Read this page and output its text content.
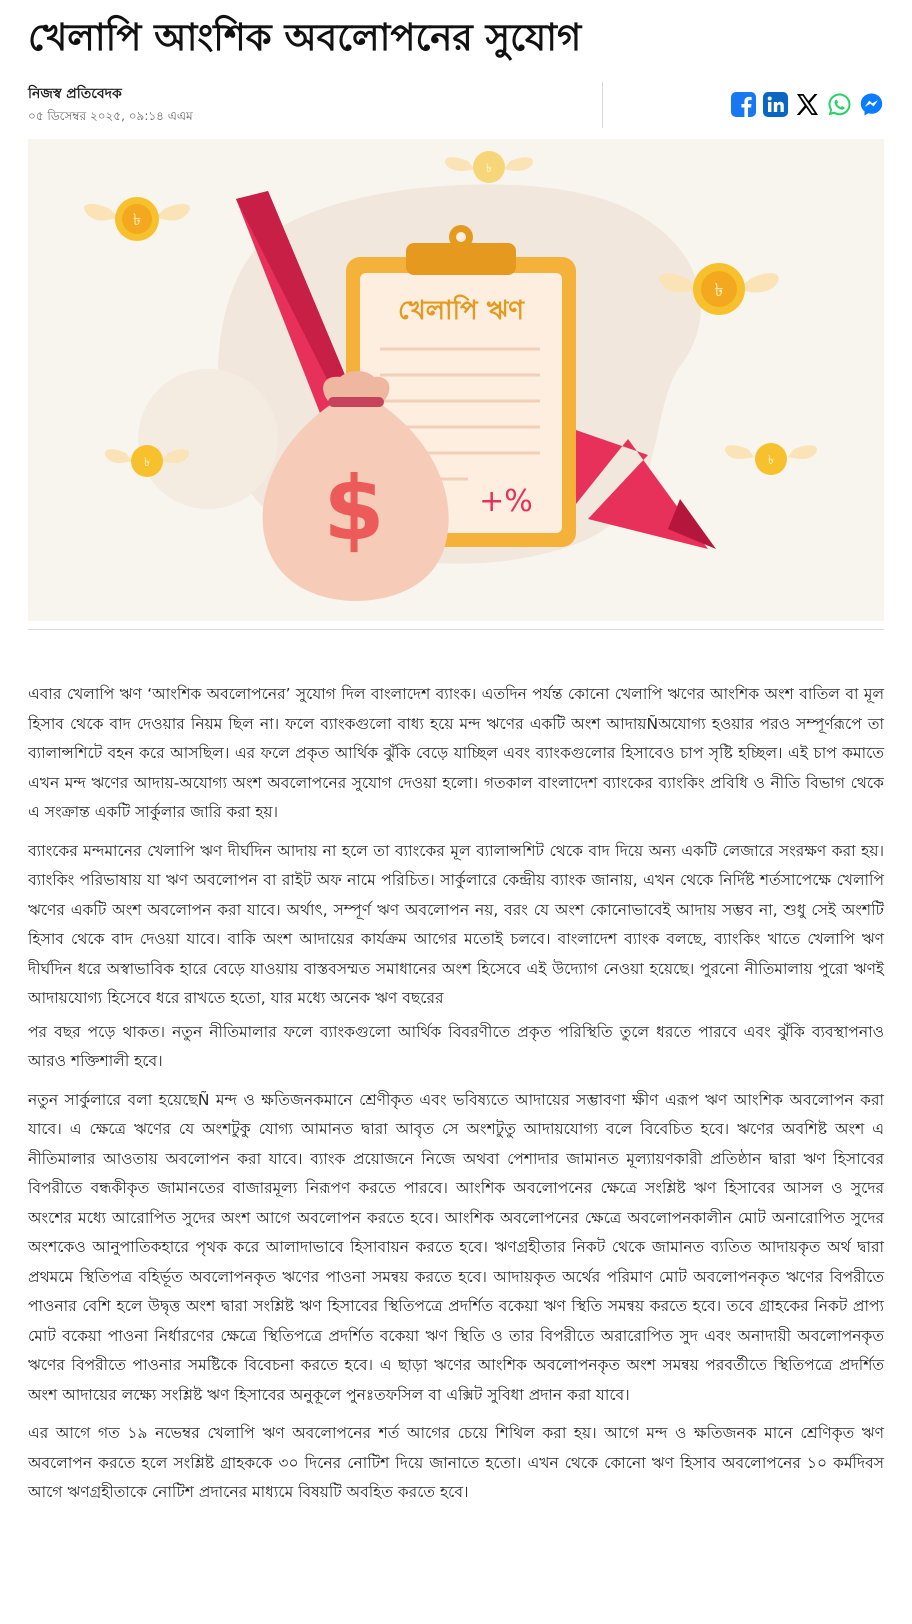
খেলাপি আংশিক অবলোপনের সুযোগ
নিজস্ব প্রতিবেদক
০৫ ডিসেম্বর ২০২৫, ০৯:১৪ এএম
খেলাপি ঋণ
+%
$
৳
৳
৳
৳	৳

এবার খেলাপি ঋণ ‘আংশিক অবলোপনের’ সুযোগ দিল বাংলাদেশ ব্যাংক। এতদিন পর্যন্ত কোনো খেলাপি ঋণের আংশিক অংশ বাতিল বা মূল হিসাব থেকে বাদ দেওয়ার নিয়ম ছিল না। ফলে ব্যাংকগুলো বাধ্য হয়ে মন্দ ঋণের একটি অংশ আদায়Ñঅযোগ্য হওয়ার পরও সম্পূর্ণরূপে তা ব্যালান্সশিটে বহন করে আসছিল। এর ফলে প্রকৃত আর্থিক ঝুঁকি বেড়ে যাচ্ছিল এবং ব্যাংকগুলোর হিসাবেও চাপ সৃষ্টি হচ্ছিল। এই চাপ কমাতে এখন মন্দ ঋণের আদায়-অযোগ্য অংশ অবলোপনের সুযোগ দেওয়া হলো। গতকাল বাংলাদেশ ব্যাংকের ব্যাংকিং প্রবিধি ও নীতি বিভাগ থেকে এ সংক্রান্ত একটি সার্কুলার জারি করা হয়।

ব্যাংকের মন্দমানের খেলাপি ঋণ দীর্ঘদিন আদায় না হলে তা ব্যাংকের মূল ব্যালান্সশিট থেকে বাদ দিয়ে অন্য একটি লেজারে সংরক্ষণ করা হয়। ব্যাংকিং পরিভাষায় যা ঋণ অবলোপন বা রাইট অফ নামে পরিচিত। সার্কুলারে কেন্দ্রীয় ব্যাংক জানায়, এখন থেকে নির্দিষ্ট শর্তসাপেক্ষে খেলাপি ঋণের একটি অংশ অবলোপন করা যাবে। অর্থাৎ, সম্পূর্ণ ঋণ অবলোপন নয়, বরং যে অংশ কোনোভাবেই আদায় সম্ভব না, শুধু সেই অংশটি হিসাব থেকে বাদ দেওয়া যাবে। বাকি অংশ আদায়ের কার্যক্রম আগের মতোই চলবে। বাংলাদেশ ব্যাংক বলছে, ব্যাংকিং খাতে খেলাপি ঋণ দীর্ঘদিন ধরে অস্বাভাবিক হারে বেড়ে যাওয়ায় বাস্তবসম্মত সমাধানের অংশ হিসেবে এই উদ্যোগ নেওয়া হয়েছে। পুরনো নীতিমালায় পুরো ঋণই আদায়যোগ্য হিসেবে ধরে রাখতে হতো, যার মধ্যে অনেক ঋণ বছরের

পর বছর পড়ে থাকত। নতুন নীতিমালার ফলে ব্যাংকগুলো আর্থিক বিবরণীতে প্রকৃত পরিস্থিতি তুলে ধরতে পারবে এবং ঝুঁকি ব্যবস্থাপনাও আরও শক্তিশালী হবে।

নতুন সার্কুলারে বলা হয়েছেÑ মন্দ ও ক্ষতিজনকমানে শ্রেণীকৃত এবং ভবিষ্যতে আদায়ের সম্ভাবণা ক্ষীণ এরূপ ঋণ আংশিক অবলোপন করা যাবে। এ ক্ষেত্রে ঋণের যে অংশটুকু যোগ্য আমানত দ্বারা আবৃত সে অংশটুতু আদায়যোগ্য বলে বিবেচিত হবে। ঋণের অবশিষ্ট অংশ এ নীতিমালার আওতায় অবলোপন করা যাবে। ব্যাংক প্রয়োজনে নিজে অথবা পেশাদার জামানত মূল্যায়ণকারী প্রতিষ্ঠান দ্বারা ঋণ হিসাবের বিপরীতে বন্ধকীকৃত জামানতের বাজারমূল্য নিরূপণ করতে পারবে। আংশিক অবলোপনের ক্ষেত্রে সংশ্লিষ্ট ঋণ হিসাবের আসল ও সুদের অংশের মধ্যে আরোপিত সুদের অংশ আগে অবলোপন করতে হবে। আংশিক অবলোপনের ক্ষেত্রে অবলোপনকালীন মোট অনারোপিত সুদের অংশকেও আনুপাতিকহারে পৃথক করে আলাদাভাবে হিসাবায়ন করতে হবে। ঋণগ্রহীতার নিকট থেকে জামানত ব্যতিত আদায়কৃত অর্থ দ্বারা প্রথমমে স্থিতিপত্র বহির্ভূত অবলোপনকৃত ঋণের পাওনা সমন্বয় করতে হবে। আদায়কৃত অর্থের পরিমাণ মোট অবলোপনকৃত ঋণের বিপরীতে পাওনার বেশি হলে উদ্বৃত্ত অংশ দ্বারা সংশ্লিষ্ট ঋণ হিসাবের স্থিতিপত্রে প্রদর্শিত বকেয়া ঋণ স্থিতি সমন্বয় করতে হবে। তবে গ্রাহকের নিকট প্রাপ্য মোট বকেয়া পাওনা নির্ধারণের ক্ষেত্রে স্থিতিপত্রে প্রদর্শিত বকেয়া ঋণ স্থিতি ও তার বিপরীতে অরারোপিত সুদ এবং অনাদায়ী অবলোপনকৃত ঋণের বিপরীতে পাওনার সমষ্টিকে বিবেচনা করতে হবে। এ ছাড়া ঋণের আংশিক অবলোপনকৃত অংশ সমন্বয় পরবর্তীতে স্থিতিপত্রে প্রদর্শিত অংশ আদায়ের লক্ষ্যে সংশ্লিষ্ট ঋণ হিসাবের অনুকূলে পুনঃতফসিল বা এক্সিট সুবিধা প্রদান করা যাবে।

এর আগে গত ১৯ নভেম্বর খেলাপি ঋণ অবলোপনের শর্ত আগের চেয়ে শিথিল করা হয়। আগে মন্দ ও ক্ষতিজনক মানে শ্রেণিকৃত ঋণ অবলোপন করতে হলে সংশ্লিষ্ট গ্রাহককে ৩০ দিনের নোটিশ দিয়ে জানাতে হতো। এখন থেকে কোনো ঋণ হিসাব অবলোপনের ১০ কর্মদিবস আগে ঋণগ্রহীতাকে নোটিশ প্রদানের মাধ্যমে বিষয়টি অবহিত করতে হবে।
